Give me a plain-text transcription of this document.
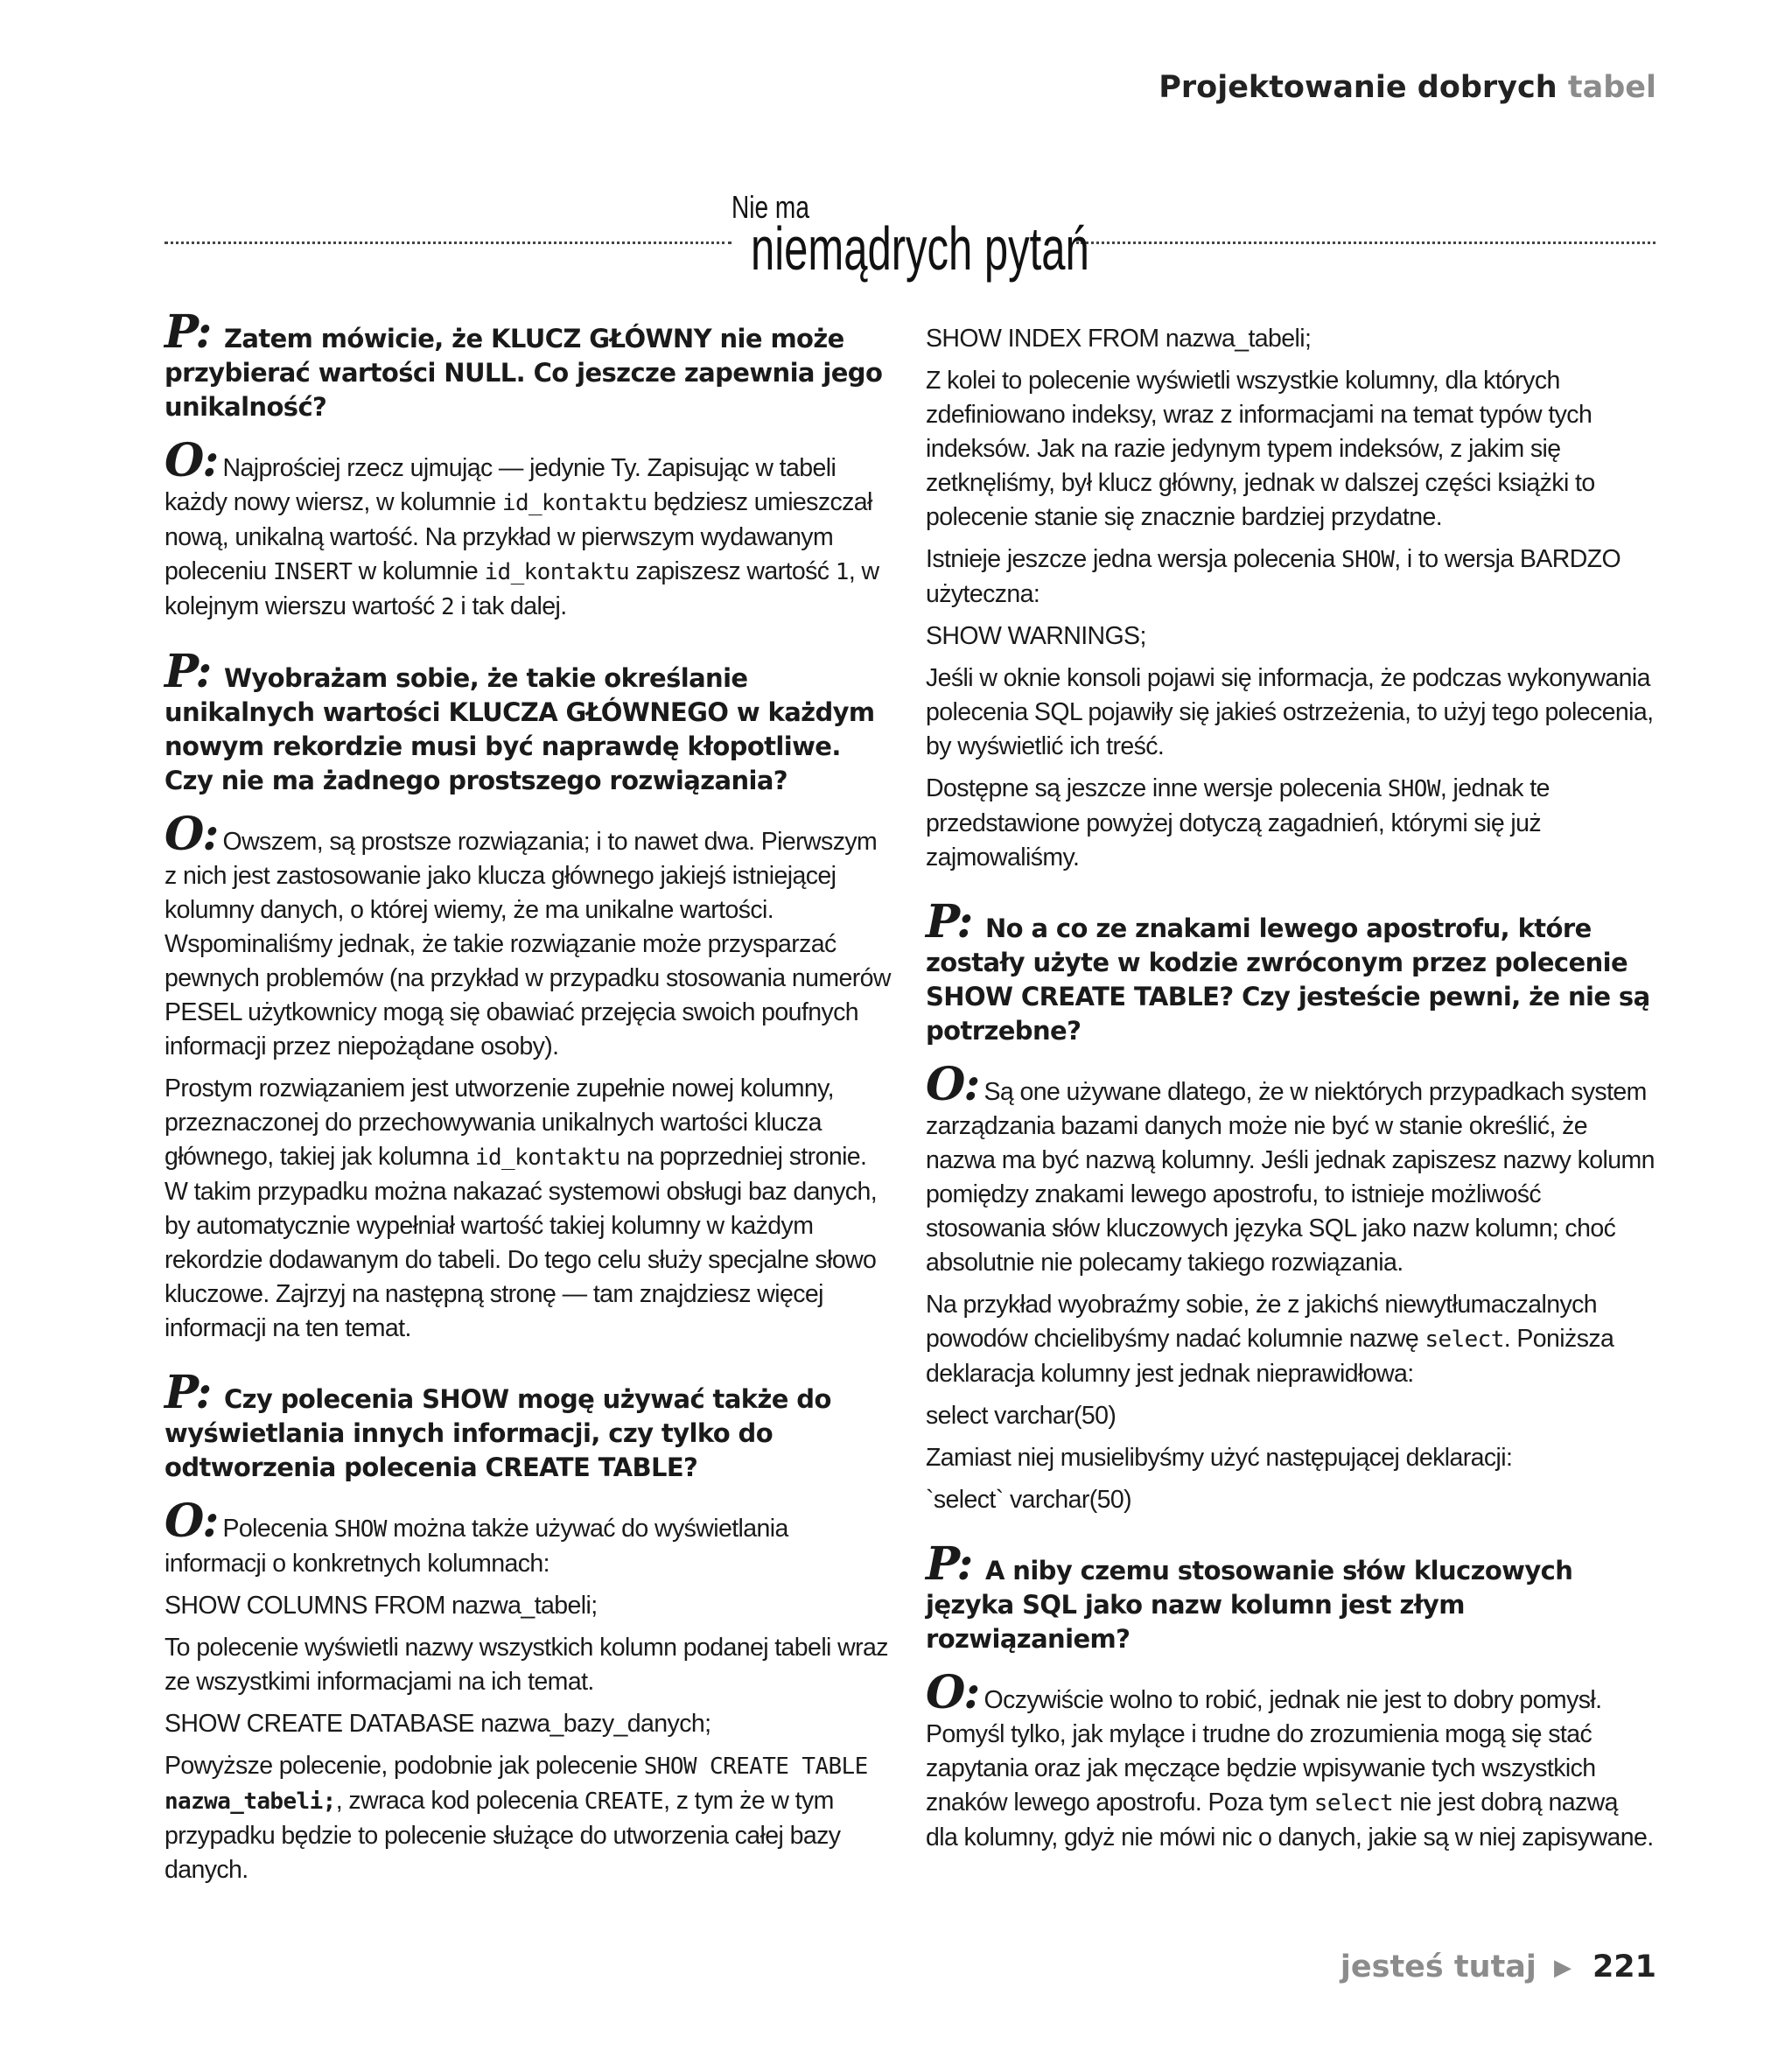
Projektowanie dobrych tabel
Nie ma
niemądrych pytań
P: Zatem mówicie, że KLUCZ GŁÓWNY nie może przybierać wartości NULL. Co jeszcze zapewnia jego unikalność?
O: Najprościej rzecz ujmując — jedynie Ty. Zapisując w tabeli każdy nowy wiersz, w kolumnie id_kontaktu będziesz umieszczał nową, unikalną wartość. Na przykład w pierwszym wydawanym poleceniu INSERT w kolumnie id_kontaktu zapiszesz wartość 1, w kolejnym wierszu wartość 2 i tak dalej.
P: Wyobrażam sobie, że takie określanie unikalnych wartości KLUCZA GŁÓWNEGO w każdym nowym rekordzie musi być naprawdę kłopotliwe. Czy nie ma żadnego prostszego rozwiązania?
O: Owszem, są prostsze rozwiązania; i to nawet dwa. Pierwszym z nich jest zastosowanie jako klucza głównego jakiejś istniejącej kolumny danych, o której wiemy, że ma unikalne wartości. Wspominaliśmy jednak, że takie rozwiązanie może przysparzać pewnych problemów (na przykład w przypadku stosowania numerów PESEL użytkownicy mogą się obawiać przejęcia swoich poufnych informacji przez niepożądane osoby).
Prostym rozwiązaniem jest utworzenie zupełnie nowej kolumny, przeznaczonej do przechowywania unikalnych wartości klucza głównego, takiej jak kolumna id_kontaktu na poprzedniej stronie. W takim przypadku można nakazać systemowi obsługi baz danych, by automatycznie wypełniał wartość takiej kolumny w każdym rekordzie dodawanym do tabeli. Do tego celu służy specjalne słowo kluczowe. Zajrzyj na następną stronę — tam znajdziesz więcej informacji na ten temat.
P: Czy polecenia SHOW mogę używać także do wyświetlania innych informacji, czy tylko do odtworzenia polecenia CREATE TABLE?
O: Polecenia SHOW można także używać do wyświetlania informacji o konkretnych kolumnach:
SHOW COLUMNS FROM nazwa_tabeli;
To polecenie wyświetli nazwy wszystkich kolumn podanej tabeli wraz ze wszystkimi informacjami na ich temat.
SHOW CREATE DATABASE nazwa_bazy_danych;
Powyższe polecenie, podobnie jak polecenie SHOW CREATE TABLE nazwa_tabeli;, zwraca kod polecenia CREATE, z tym że w tym przypadku będzie to polecenie służące do utworzenia całej bazy danych.
SHOW INDEX FROM nazwa_tabeli;
Z kolei to polecenie wyświetli wszystkie kolumny, dla których zdefiniowano indeksy, wraz z informacjami na temat typów tych indeksów. Jak na razie jedynym typem indeksów, z jakim się zetknęliśmy, był klucz główny, jednak w dalszej części książki to polecenie stanie się znacznie bardziej przydatne.
Istnieje jeszcze jedna wersja polecenia SHOW, i to wersja BARDZO użyteczna:
SHOW WARNINGS;
Jeśli w oknie konsoli pojawi się informacja, że podczas wykonywania polecenia SQL pojawiły się jakieś ostrzeżenia, to użyj tego polecenia, by wyświetlić ich treść.
Dostępne są jeszcze inne wersje polecenia SHOW, jednak te przedstawione powyżej dotyczą zagadnień, którymi się już zajmowaliśmy.
P: No a co ze znakami lewego apostrofu, które zostały użyte w kodzie zwróconym przez polecenie SHOW CREATE TABLE? Czy jesteście pewni, że nie są potrzebne?
O: Są one używane dlatego, że w niektórych przypadkach system zarządzania bazami danych może nie być w stanie określić, że nazwa ma być nazwą kolumny. Jeśli jednak zapiszesz nazwy kolumn pomiędzy znakami lewego apostrofu, to istnieje możliwość stosowania słów kluczowych języka SQL jako nazw kolumn; choć absolutnie nie polecamy takiego rozwiązania.
Na przykład wyobraźmy sobie, że z jakichś niewytłumaczalnych powodów chcielibyśmy nadać kolumnie nazwę select. Poniższa deklaracja kolumny jest jednak nieprawidłowa:
select varchar(50)
Zamiast niej musielibyśmy użyć następującej deklaracji:
`select` varchar(50)
P: A niby czemu stosowanie słów kluczowych języka SQL jako nazw kolumn jest złym rozwiązaniem?
O: Oczywiście wolno to robić, jednak nie jest to dobry pomysł. Pomyśl tylko, jak mylące i trudne do zrozumienia mogą się stać zapytania oraz jak męczące będzie wpisywanie tych wszystkich znaków lewego apostrofu. Poza tym select nie jest dobrą nazwą dla kolumny, gdyż nie mówi nic o danych, jakie są w niej zapisywane.
jesteś tutaj ▶ 221
